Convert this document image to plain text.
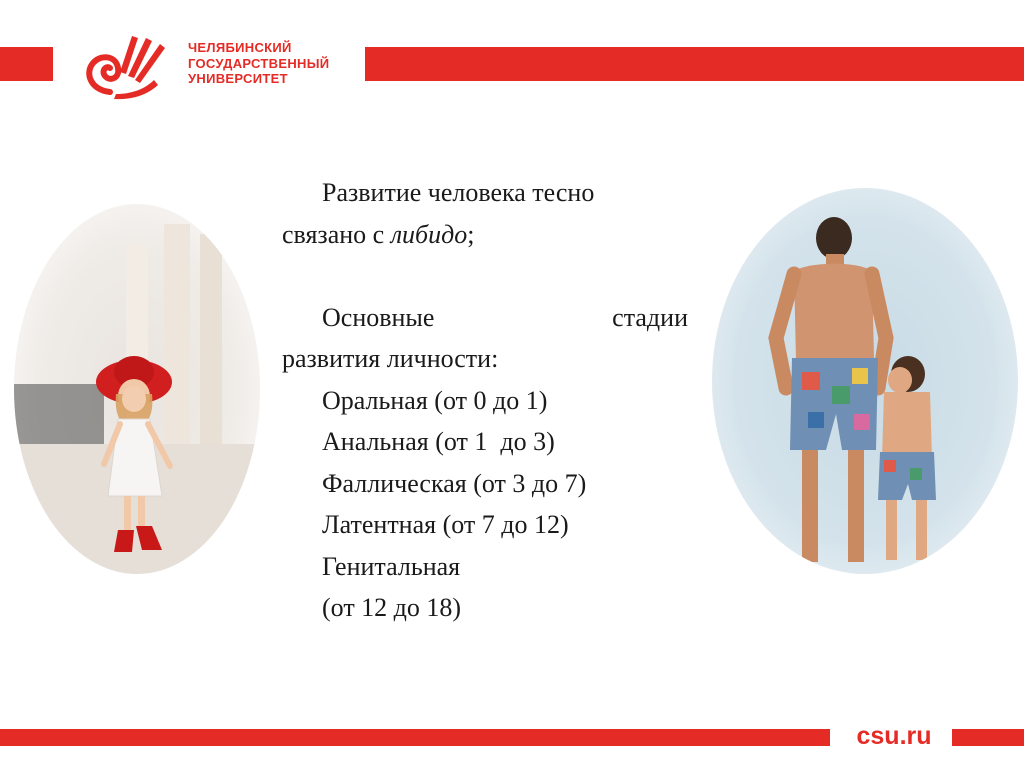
ЧЕЛЯБИНСКИЙ
ГОСУДАРСТВЕННЫЙ
УНИВЕРСИТЕТ

Развитие человека тесно

связано с либидо;

Основные	стадии

развития личности:

Оральная (от 0 до 1)
Анальная (от 1  до 3)
Фаллическая (от 3 до 7)
Латентная (от 7 до 12)
Генитальная
(от 12 до 18)
csu.ru
